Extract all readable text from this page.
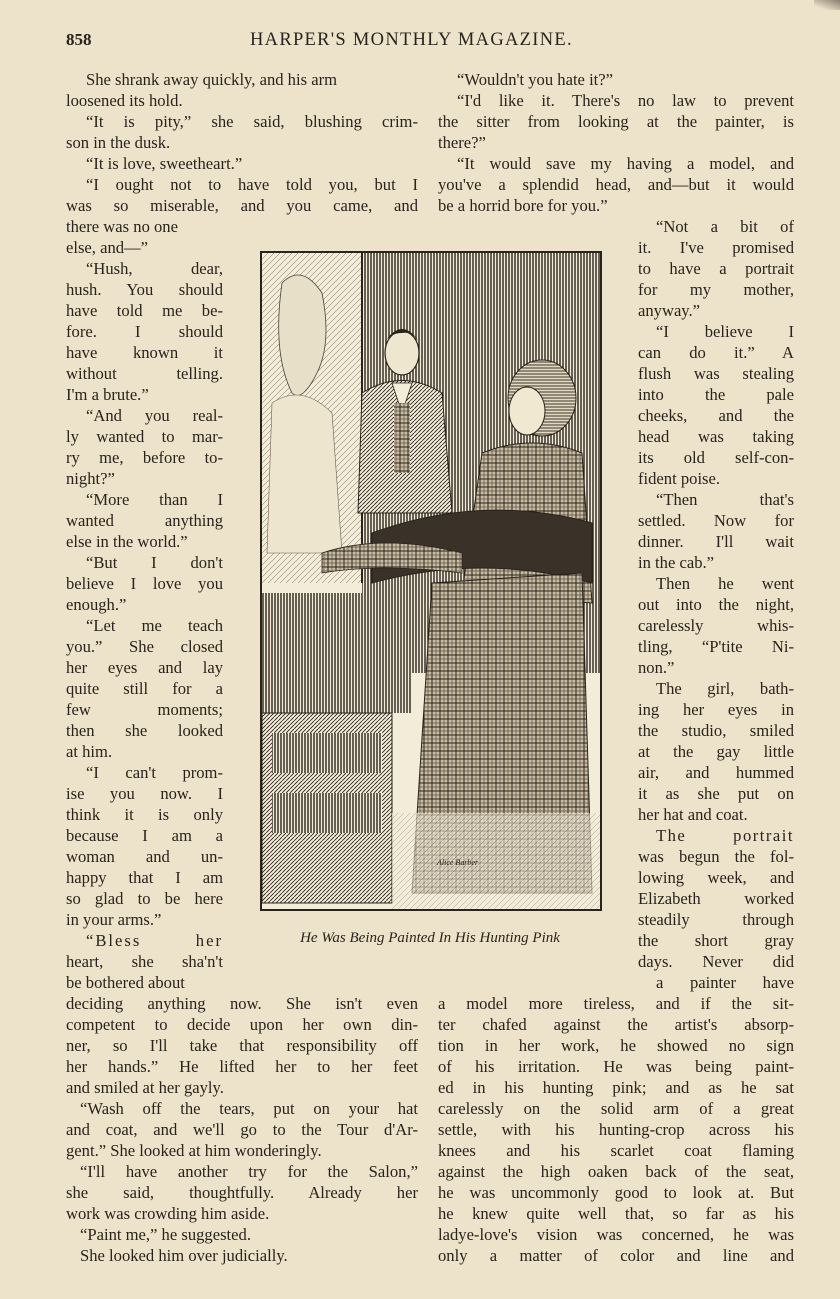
858	HARPER'S MONTHLY MAGAZINE.
She shrank away quickly, and his arm
loosened its hold.
“It is pity,” she said, blushing crim-
son in the dusk.
“It is love, sweetheart.”
“I ought not to have told you, but I
was so miserable, and you came, and
there was no one
else, and—”
“Hush, dear,
hush. You should
have told me be-
fore. I should
have known it
without telling.
I'm a brute.”
“And you real-
ly wanted to mar-
ry me, before to-
night?”
“More than I
wanted anything
else in the world.”
“But I don't
believe I love you
enough.”
“Let me teach
you.” She closed
her eyes and lay
quite still for a
few moments;
then she looked
at him.
“I can't prom-
ise you now. I
think it is only
because I am a
woman and un-
happy that I am
so glad to be here
in your arms.”
“Bless her
heart, she sha'n't
be bothered about
deciding anything now. She isn't even
competent to decide upon her own din-
ner, so I'll take that responsibility off
her hands.” He lifted her to her feet
and smiled at her gayly.
“Wash off the tears, put on your hat
and coat, and we'll go to the Tour d'Ar-
gent.” She looked at him wonderingly.
“I'll have another try for the Salon,”
she said, thoughtfully. Already her
work was crowding him aside.
“Paint me,” he suggested.
She looked him over judicially.
“Wouldn't you hate it?”
“I'd like it. There's no law to prevent
the sitter from looking at the painter, is
there?”
“It would save my having a model, and
you've a splendid head, and—but it would
be a horrid bore for you.”
“Not a bit of
it. I've promised
to have a portrait
for my mother,
anyway.”
“I believe I
can do it.” A
flush was stealing
into the pale
cheeks, and the
head was taking
its old self-con-
fident poise.
“Then that's
settled. Now for
dinner. I'll wait
in the cab.”
Then he went
out into the night,
carelessly whis-
tling, “P'tite Ni-
non.”
The girl, bath-
ing her eyes in
the studio, smiled
at the gay little
air, and hummed
it as she put on
her hat and coat.
The portrait
was begun the fol-
lowing week, and
Elizabeth worked
steadily through
the short gray
days. Never did
a painter have
a model more tireless, and if the sit-
ter chafed against the artist's absorp-
tion in her work, he showed no sign
of his irritation. He was being paint-
ed in his hunting pink; and as he sat
carelessly on the solid arm of a great
settle, with his hunting-crop across his
knees and his scarlet coat flaming
against the high oaken back of the seat,
he was uncommonly good to look at. But
he knew quite well that, so far as his
ladye-love's vision was concerned, he was
only a matter of color and line and
Alice Barber
He Was Being Painted In His Hunting Pink
